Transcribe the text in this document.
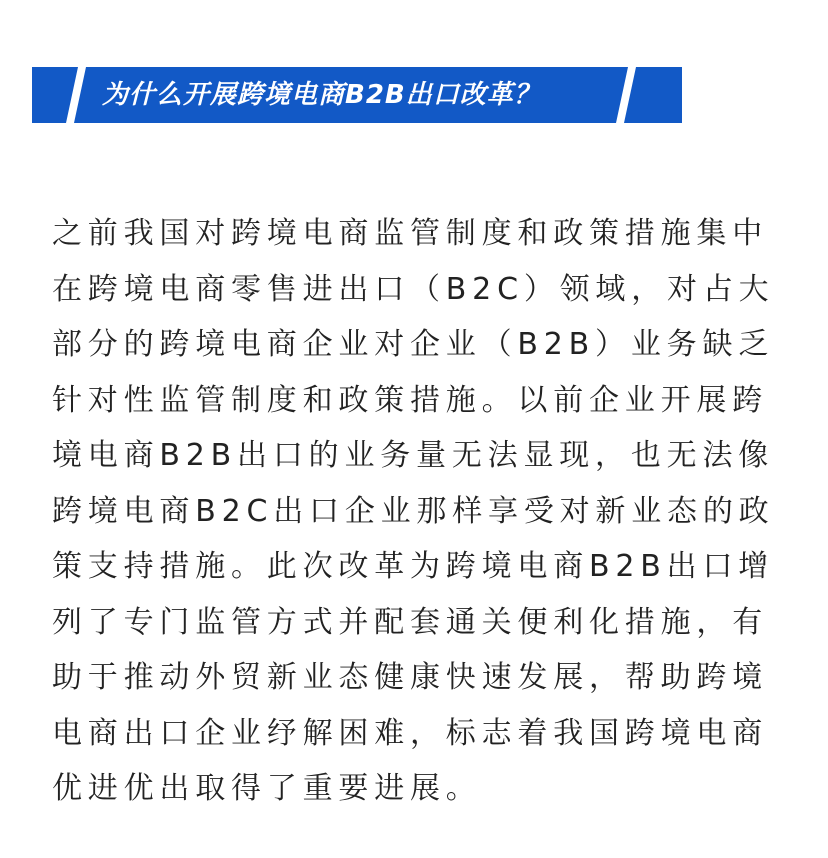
为什么开展跨境电商B2B出口改革？

之前我国对跨境电商监管制度和政策措施集中在跨境电商零售进出口（B2C）领域，对占大部分的跨境电商企业对企业（B2B）业务缺乏针对性监管制度和政策措施。以前企业开展跨境电商B2B出口的业务量无法显现，也无法像跨境电商B2C出口企业那样享受对新业态的政策支持措施。此次改革为跨境电商B2B出口增列了专门监管方式并配套通关便利化措施，有助于推动外贸新业态健康快速发展，帮助跨境电商出口企业纾解困难，标志着我国跨境电商优进优出取得了重要进展。
